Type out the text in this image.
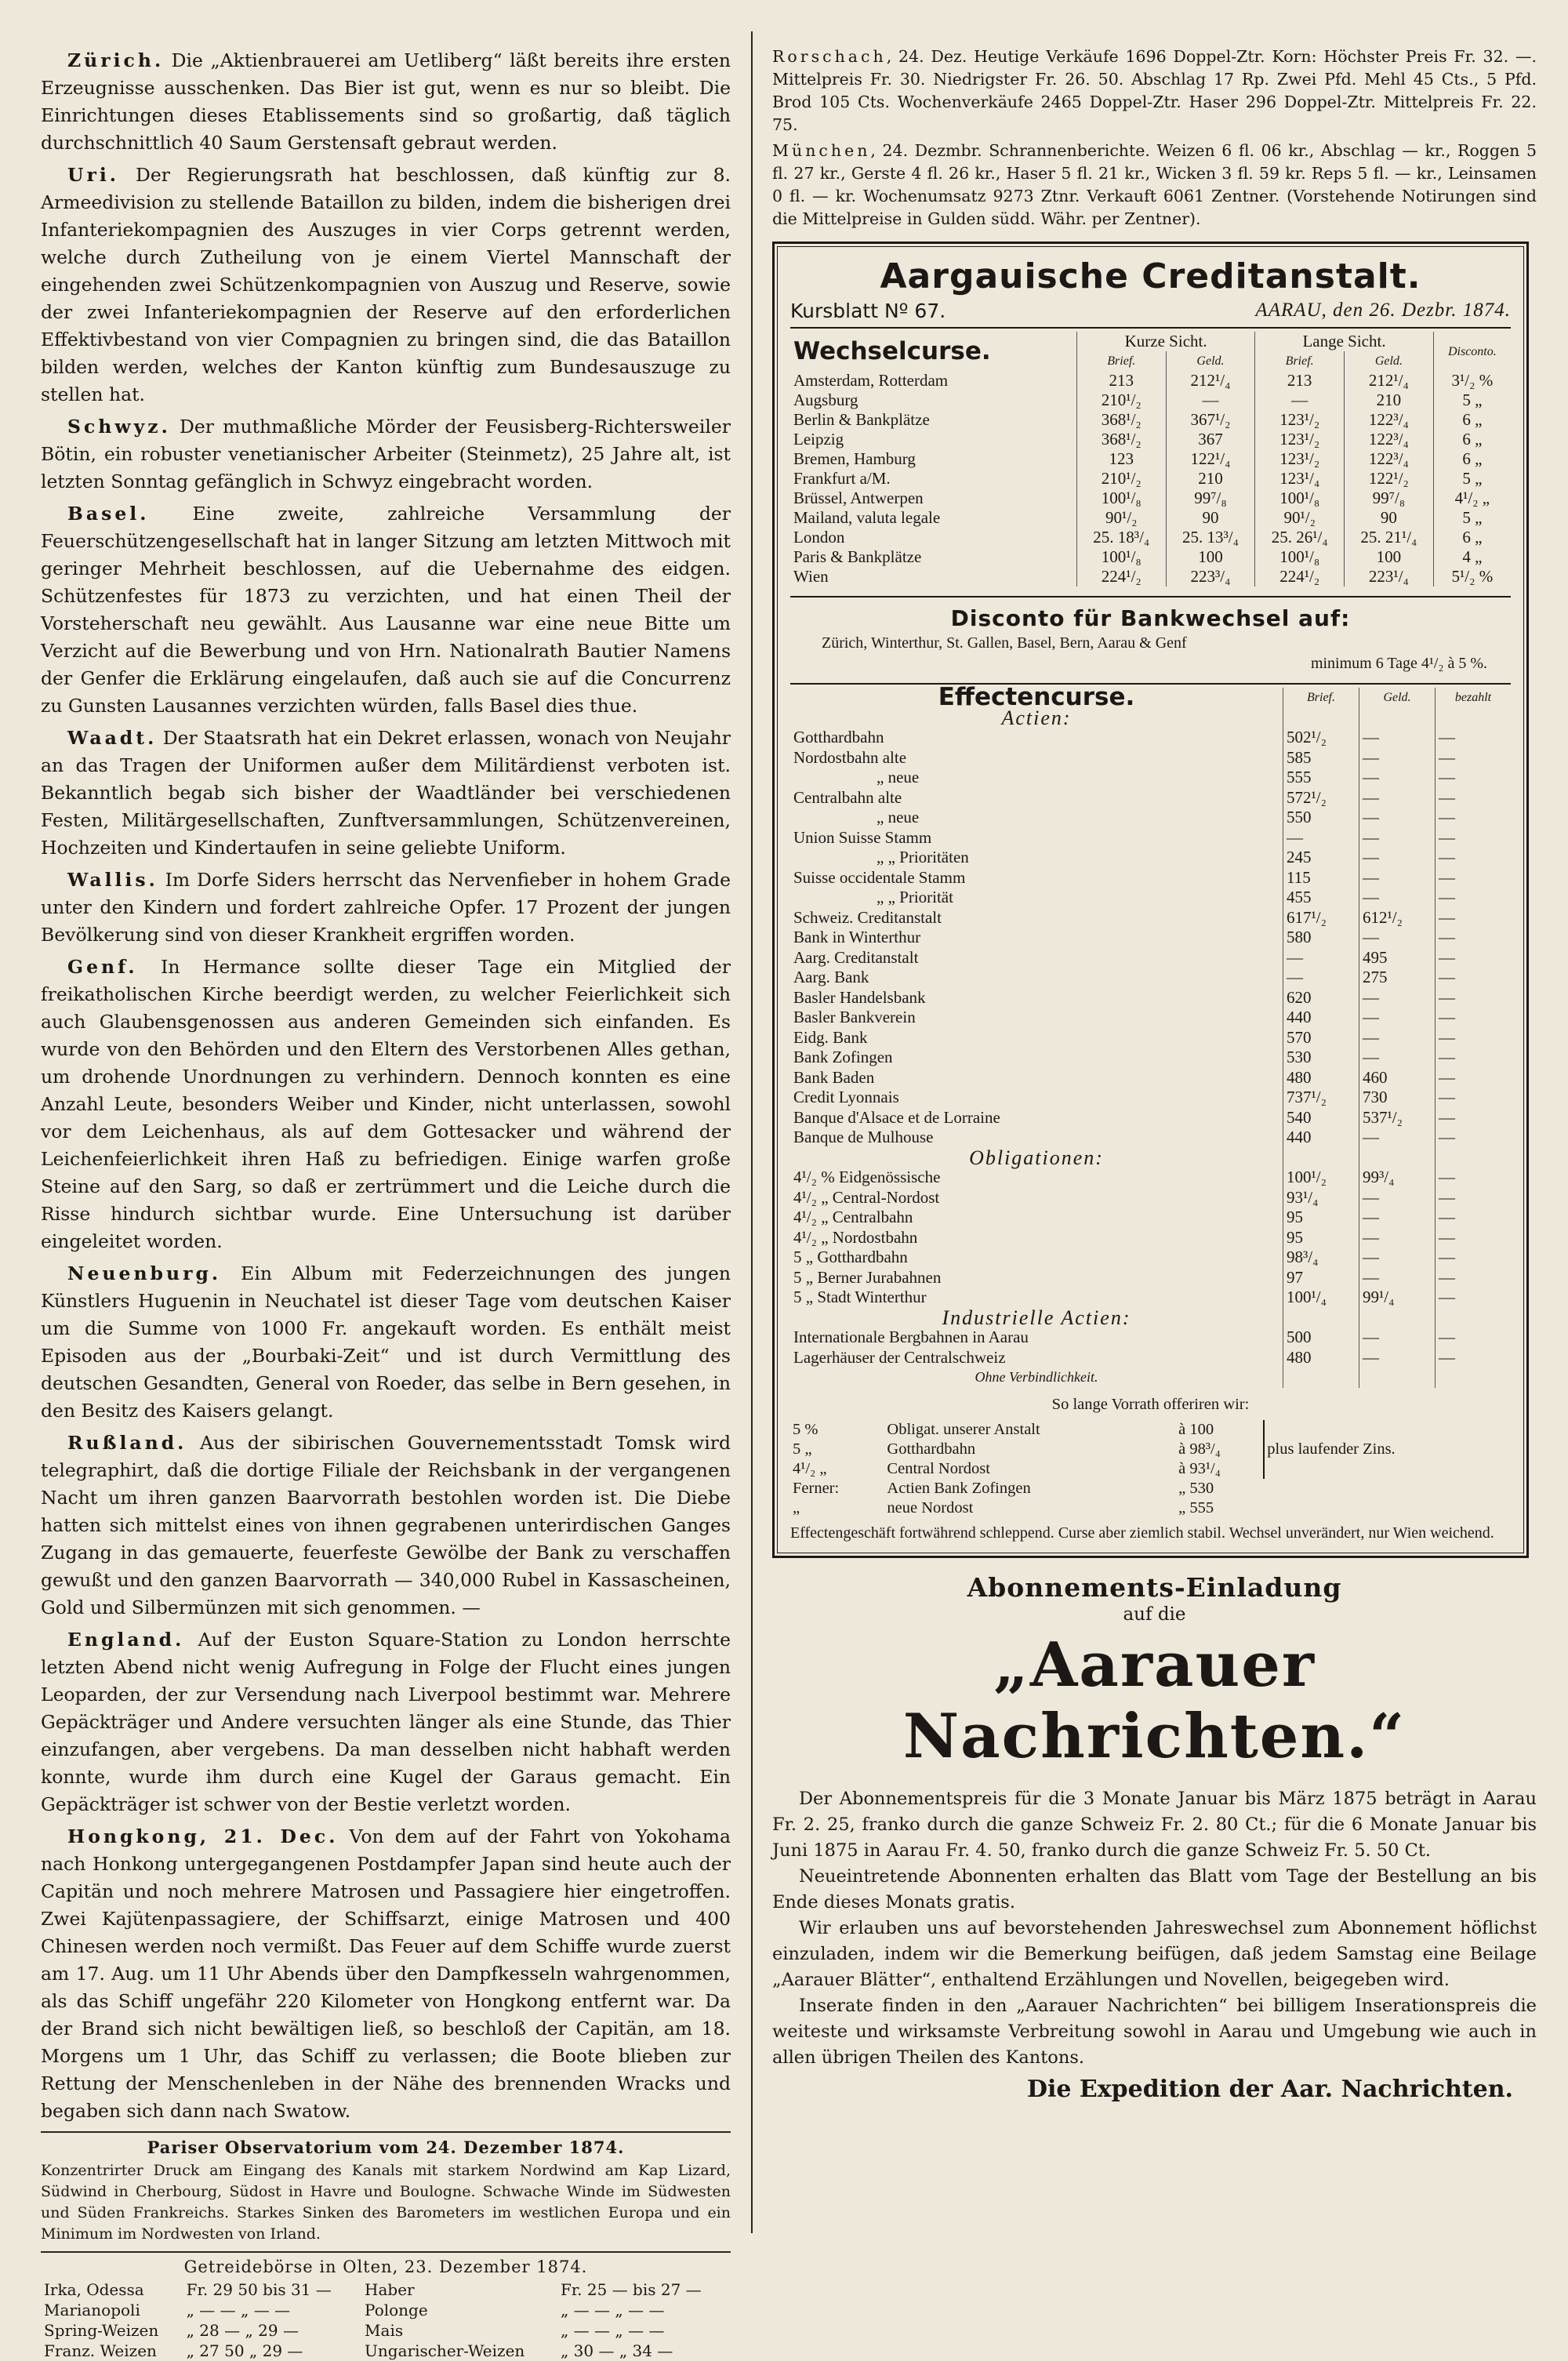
Zürich. Die „Aktienbrauerei am Uetliberg“ läßt bereits ihre ersten Erzeugnisse ausschenken. Das Bier ist gut, wenn es nur so bleibt. Die Einrichtungen dieses Etablissements sind so großartig, daß täglich durchschnittlich 40 Saum Gerstensaft gebraut werden.

Uri. Der Regierungsrath hat beschlossen, daß künftig zur 8. Armeedivision zu stellende Bataillon zu bilden, indem die bisherigen drei Infanteriekompagnien des Auszuges in vier Corps getrennt werden, welche durch Zutheilung von je einem Viertel Mannschaft der eingehenden zwei Schützenkompagnien von Auszug und Reserve, sowie der zwei Infanteriekompagnien der Reserve auf den erforderlichen Effektivbestand von vier Compagnien zu bringen sind, die das Bataillon bilden werden, welches der Kanton künftig zum Bundesauszuge zu stellen hat.

Schwyz. Der muthmaßliche Mörder der Feusisberg-Richtersweiler Bötin, ein robuster venetianischer Arbeiter (Steinmetz), 25 Jahre alt, ist letzten Sonntag gefänglich in Schwyz eingebracht worden.

Basel. Eine zweite, zahlreiche Versammlung der Feuerschützengesellschaft hat in langer Sitzung am letzten Mittwoch mit geringer Mehrheit beschlossen, auf die Uebernahme des eidgen. Schützenfestes für 1873 zu verzichten, und hat einen Theil der Vorsteherschaft neu gewählt. Aus Lausanne war eine neue Bitte um Verzicht auf die Bewerbung und von Hrn. Nationalrath Bautier Namens der Genfer die Erklärung eingelaufen, daß auch sie auf die Concurrenz zu Gunsten Lausannes verzichten würden, falls Basel dies thue.

Waadt. Der Staatsrath hat ein Dekret erlassen, wonach von Neujahr an das Tragen der Uniformen außer dem Militärdienst verboten ist. Bekanntlich begab sich bisher der Waadtländer bei verschiedenen Festen, Militärgesellschaften, Zunftversammlungen, Schützenvereinen, Hochzeiten und Kindertaufen in seine geliebte Uniform.

Wallis. Im Dorfe Siders herrscht das Nervenfieber in hohem Grade unter den Kindern und fordert zahlreiche Opfer. 17 Prozent der jungen Bevölkerung sind von dieser Krankheit ergriffen worden.

Genf. In Hermance sollte dieser Tage ein Mitglied der freikatholischen Kirche beerdigt werden, zu welcher Feierlichkeit sich auch Glaubensgenossen aus anderen Gemeinden sich einfanden. Es wurde von den Behörden und den Eltern des Verstorbenen Alles gethan, um drohende Unordnungen zu verhindern. Dennoch konnten es eine Anzahl Leute, besonders Weiber und Kinder, nicht unterlassen, sowohl vor dem Leichenhaus, als auf dem Gottesacker und während der Leichenfeierlichkeit ihren Haß zu befriedigen. Einige warfen große Steine auf den Sarg, so daß er zertrümmert und die Leiche durch die Risse hindurch sichtbar wurde. Eine Untersuchung ist darüber eingeleitet worden.

Neuenburg. Ein Album mit Federzeichnungen des jungen Künstlers Huguenin in Neuchatel ist dieser Tage vom deutschen Kaiser um die Summe von 1000 Fr. angekauft worden. Es enthält meist Episoden aus der „Bourbaki-Zeit“ und ist durch Vermittlung des deutschen Gesandten, General von Roeder, das selbe in Bern gesehen, in den Besitz des Kaisers gelangt.

Rußland. Aus der sibirischen Gouvernementsstadt Tomsk wird telegraphirt, daß die dortige Filiale der Reichsbank in der vergangenen Nacht um ihren ganzen Baarvorrath bestohlen worden ist. Die Diebe hatten sich mittelst eines von ihnen gegrabenen unterirdischen Ganges Zugang in das gemauerte, feuerfeste Gewölbe der Bank zu verschaffen gewußt und den ganzen Baarvorrath — 340,000 Rubel in Kassascheinen, Gold und Silbermünzen mit sich genommen. —

England. Auf der Euston Square-Station zu London herrschte letzten Abend nicht wenig Aufregung in Folge der Flucht eines jungen Leoparden, der zur Versendung nach Liverpool bestimmt war. Mehrere Gepäckträger und Andere versuchten länger als eine Stunde, das Thier einzufangen, aber vergebens. Da man desselben nicht habhaft werden konnte, wurde ihm durch eine Kugel der Garaus gemacht. Ein Gepäckträger ist schwer von der Bestie verletzt worden.

Hongkong, 21. Dec. Von dem auf der Fahrt von Yokohama nach Honkong untergegangenen Postdampfer Japan sind heute auch der Capitän und noch mehrere Matrosen und Passagiere hier eingetroffen. Zwei Kajütenpassagiere, der Schiffsarzt, einige Matrosen und 400 Chinesen werden noch vermißt. Das Feuer auf dem Schiffe wurde zuerst am 17. Aug. um 11 Uhr Abends über den Dampfkesseln wahrgenommen, als das Schiff ungefähr 220 Kilometer von Hongkong entfernt war. Da der Brand sich nicht bewältigen ließ, so beschloß der Capitän, am 18. Morgens um 1 Uhr, das Schiff zu verlassen; die Boote blieben zur Rettung der Menschenleben in der Nähe des brennenden Wracks und begaben sich dann nach Swatow.

Pariser Observatorium vom 24. Dezember 1874.

Konzentrirter Druck am Eingang des Kanals mit starkem Nordwind am Kap Lizard, Südwind in Cherbourg, Südost in Havre und Boulogne. Schwache Winde im Südwesten und Süden Frankreichs. Starkes Sinken des Barometers im westlichen Europa und ein Minimum im Nordwesten von Irland.

Getreidebörse in Olten, 23. Dezember 1874.
Irka, Odessa	Fr. 29 50 bis 31 —	Haber	Fr. 25 — bis 27 —
Marianopoli	„ — — „ — —	Polonge	„ — — „ — —
Spring-Weizen	„ 28 — „ 29 —	Mais	„ — — „ — —
Franz. Weizen	„ 27 50 „ 29 —	Ungarischer-Weizen	„ 30 — „ 34 —

Rorschach, 24. Dez. Heutige Verkäufe 1696 Doppel-Ztr. Korn: Höchster Preis Fr. 32. —. Mittelpreis Fr. 30. Niedrigster Fr. 26. 50. Abschlag 17 Rp. Zwei Pfd. Mehl 45 Cts., 5 Pfd. Brod 105 Cts. Wochenverkäufe 2465 Doppel-Ztr. Haser 296 Doppel-Ztr. Mittelpreis Fr. 22. 75.

München, 24. Dezmbr. Schrannenberichte. Weizen 6 fl. 06 kr., Abschlag — kr., Roggen 5 fl. 27 kr., Gerste 4 fl. 26 kr., Haser 5 fl. 21 kr., Wicken 3 fl. 59 kr. Reps 5 fl. — kr., Leinsamen 0 fl. — kr. Wochenumsatz 9273 Ztnr. Verkauft 6061 Zentner. (Vorstehende Notirungen sind die Mittelpreise in Gulden südd. Währ. per Zentner).

Aargauische Creditanstalt.
Kursblatt Nº 67.	AARAU, den 26. Dezbr. 1874.
Wechselcurse.	Kurze Sicht.		Lange Sicht.		Disconto.
	Brief.	Geld.	Brief.	Geld.	
Amsterdam, Rotterdam	213	212¹/₄	213	212¹/₄	3¹/₂ %
Augsburg	210¹/₂	—	—	210	5 „
Berlin & Bankplätze	368¹/₂	367¹/₂	123¹/₂	122³/₄	6 „
Leipzig	368¹/₂	367	123¹/₂	122³/₄	6 „
Bremen, Hamburg	123	122¹/₄	123¹/₂	122³/₄	6 „
Frankfurt a/M.	210¹/₂	210	123¹/₄	122¹/₂	5 „
Brüssel, Antwerpen	100¹/₈	99⁷/₈	100¹/₈	99⁷/₈	4¹/₂ „
Mailand, valuta legale	90¹/₂	90	90¹/₂	90	5 „
London	25. 18³/₄	25. 13³/₄	25. 26¹/₄	25. 21¹/₄	6 „
Paris & Bankplätze	100¹/₈	100	100¹/₈	100	4 „
Wien	224¹/₂	223³/₄	224¹/₂	223¹/₄	5¹/₂ %
Disconto für Bankwechsel auf:
Zürich, Winterthur, St. Gallen, Basel, Bern, Aarau & Genf
minimum 6 Tage 4¹/₂ à 5 %.
Effectencurse.	Brief.	Geld.	bezahlt
Actien:			
Gotthardbahn	502¹/₂	—	—
Nordostbahn alte	585	—	—
„ neue	555	—	—
Centralbahn alte	572¹/₂	—	—
„ neue	550	—	—
Union Suisse Stamm	—	—	—
„ „ Prioritäten	245	—	—
Suisse occidentale Stamm	115	—	—
„ „ Priorität	455	—	—
Schweiz. Creditanstalt	617¹/₂	612¹/₂	—
Bank in Winterthur	580	—	—
Aarg. Creditanstalt	—	495	—
Aarg. Bank	—	275	—
Basler Handelsbank	620	—	—
Basler Bankverein	440	—	—
Eidg. Bank	570	—	—
Bank Zofingen	530	—	—
Bank Baden	480	460	—
Credit Lyonnais	737¹/₂	730	—
Banque d'Alsace et de Lorraine	540	537¹/₂	—
Banque de Mulhouse	440	—	—
Obligationen:			
4¹/₂ % Eidgenössische	100¹/₂	99³/₄	—
4¹/₂ „ Central-Nordost	93¹/₄	—	—
4¹/₂ „ Centralbahn	95	—	—
4¹/₂ „ Nordostbahn	95	—	—
5 „ Gotthardbahn	98³/₄	—	—
5 „ Berner Jurabahnen	97	—	—
5 „ Stadt Winterthur	100¹/₄	99¹/₄	—
Industrielle Actien:			
Internationale Bergbahnen in Aarau	500	—	—
Lagerhäuser der Centralschweiz	480	—	—
Ohne Verbindlichkeit.			
So lange Vorrath offeriren wir:
5 %	Obligat. unserer Anstalt	à 100	plus laufender Zins.
5 „	Gotthardbahn	à 98³/₄	
4¹/₂ „	Central Nordost	à 93¹/₄	
Ferner:	Actien Bank Zofingen	„ 530	
„	neue Nordost	„ 555	
Effectengeschäft fortwährend schleppend. Curse aber ziemlich stabil. Wechsel unverändert, nur Wien weichend.
Abonnements-Einladung
auf die
„Aarauer Nachrichten.“

Der Abonnementspreis für die 3 Monate Januar bis März 1875 beträgt in Aarau Fr. 2. 25, franko durch die ganze Schweiz Fr. 2. 80 Ct.; für die 6 Monate Januar bis Juni 1875 in Aarau Fr. 4. 50, franko durch die ganze Schweiz Fr. 5. 50 Ct.

Neueintretende Abonnenten erhalten das Blatt vom Tage der Bestellung an bis Ende dieses Monats gratis.

Wir erlauben uns auf bevorstehenden Jahreswechsel zum Abonnement höflichst einzuladen, indem wir die Bemerkung beifügen, daß jedem Samstag eine Beilage „Aarauer Blätter“, enthaltend Erzählungen und Novellen, beigegeben wird.

Inserate finden in den „Aarauer Nachrichten“ bei billigem Inserationspreis die weiteste und wirksamste Verbreitung sowohl in Aarau und Umgebung wie auch in allen übrigen Theilen des Kantons.

Die Expedition der Aar. Nachrichten.
